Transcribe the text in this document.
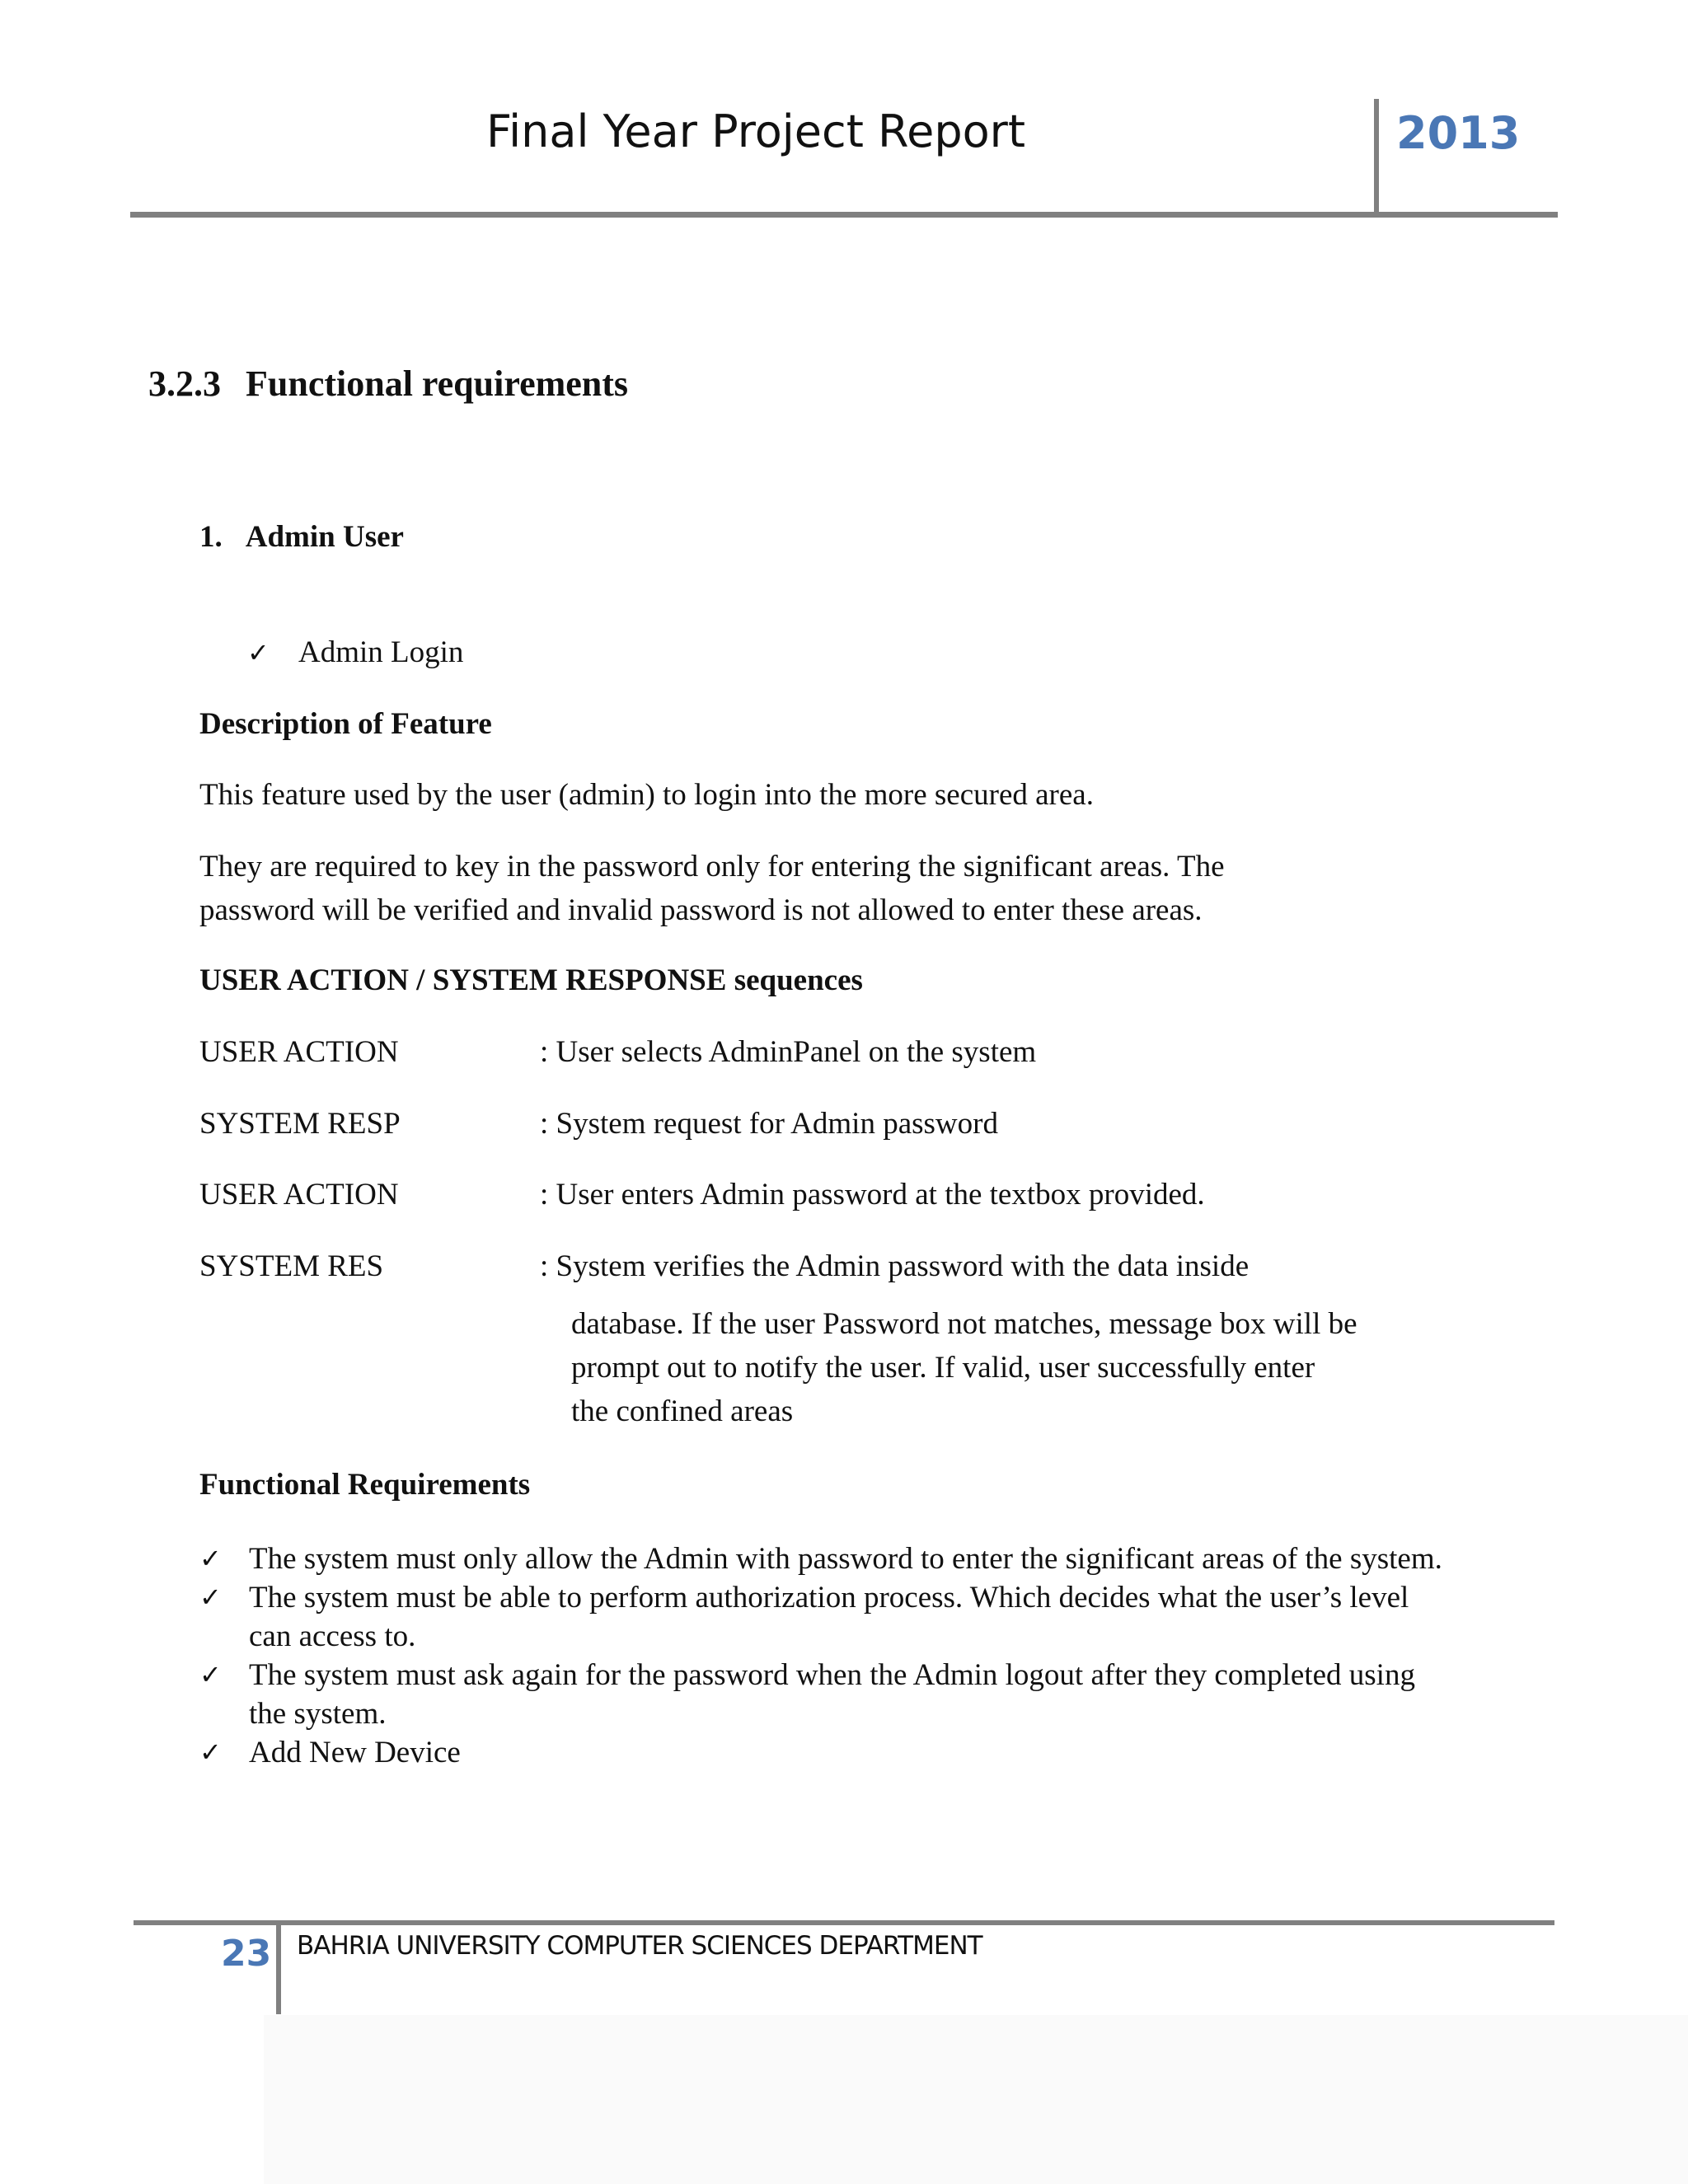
Final Year Project Report	2013
3.2.3 Functional requirements
1. Admin User
✓ Admin Login
Description of Feature
This feature used by the user (admin) to login into the more secured area.
They are required to key in the password only for entering the significant areas. The
password will be verified and invalid password is not allowed to enter these areas.
USER ACTION / SYSTEM RESPONSE sequences
USER ACTION	: User selects AdminPanel on the system
SYSTEM RESP	: System request for Admin password
USER ACTION	: User enters Admin password at the textbox provided.
SYSTEM RES	: System verifies the Admin password with the data inside
database. If the user Password not matches, message box will be
prompt out to notify the user. If valid, user successfully enter
the confined areas
Functional Requirements
✓ The system must only allow the Admin with password to enter the significant areas of the system.
✓ The system must be able to perform authorization process. Which decides what the user’s level can access to.
✓ The system must ask again for the password when the Admin logout after they completed using the system.
✓ Add New Device
23 BAHRIA UNIVERSITY COMPUTER SCIENCES DEPARTMENT
